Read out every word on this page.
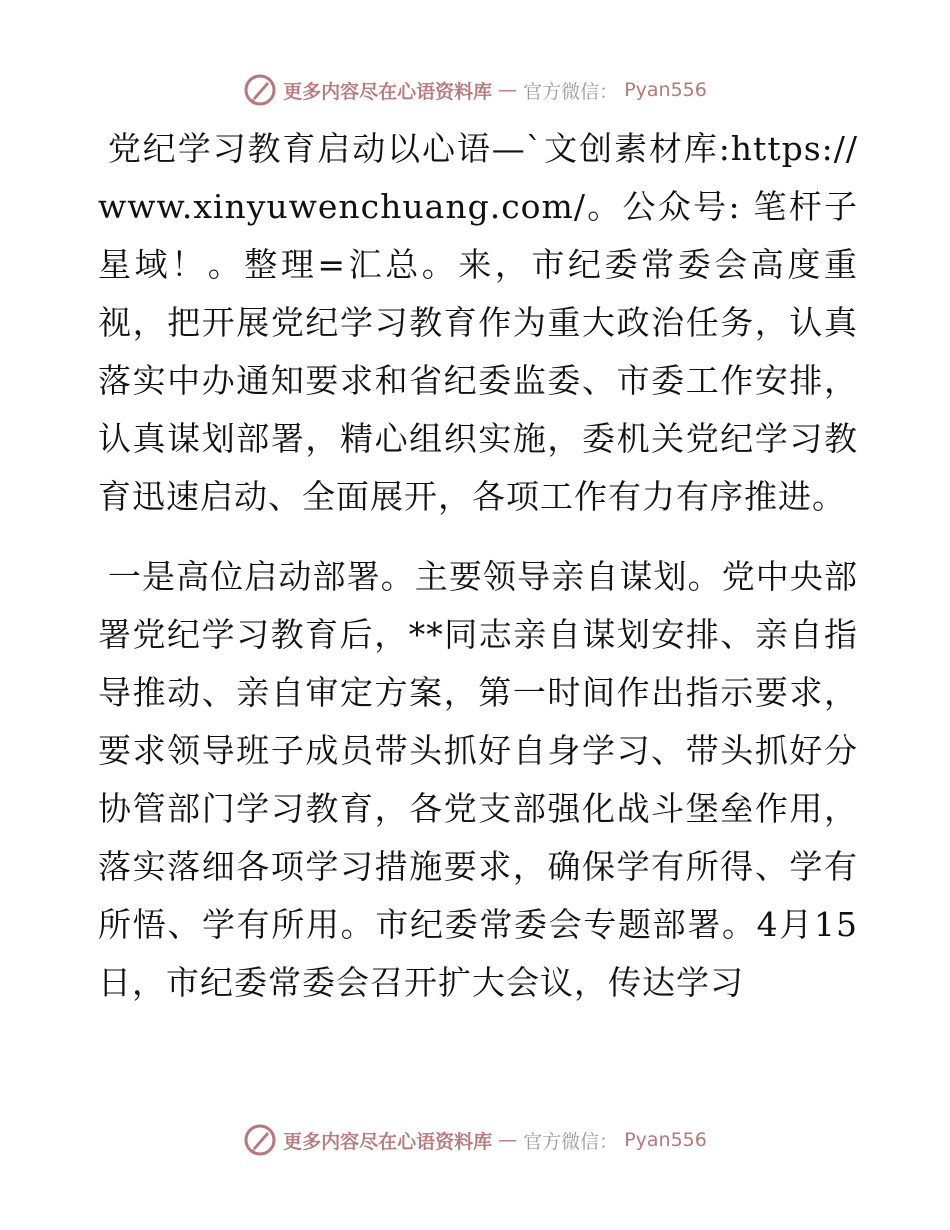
更多内容尽在心语资料库 — 官方微信： Pyan556

党纪学习教育启动以心语—`文创素材库:https://www.xinyuwenchuang.com/。公众号: 笔杆子星域！。整理=汇总。来，市纪委常委会高度重视，把开展党纪学习教育作为重大政治任务，认真落实中办通知要求和省纪委监委、市委工作安排，认真谋划部署，精心组织实施，委机关党纪学习教育迅速启动、全面展开，各项工作有力有序推进。

一是高位启动部署。主要领导亲自谋划。党中央部署党纪学习教育后，**同志亲自谋划安排、亲自指导推动、亲自审定方案，第一时间作出指示要求，要求领导班子成员带头抓好自身学习、带头抓好分协管部门学习教育，各党支部强化战斗堡垒作用，落实落细各项学习措施要求，确保学有所得、学有所悟、学有所用。市纪委常委会专题部署。4月15日，市纪委常委会召开扩大会议，传达学习

更多内容尽在心语资料库 — 官方微信： Pyan556
